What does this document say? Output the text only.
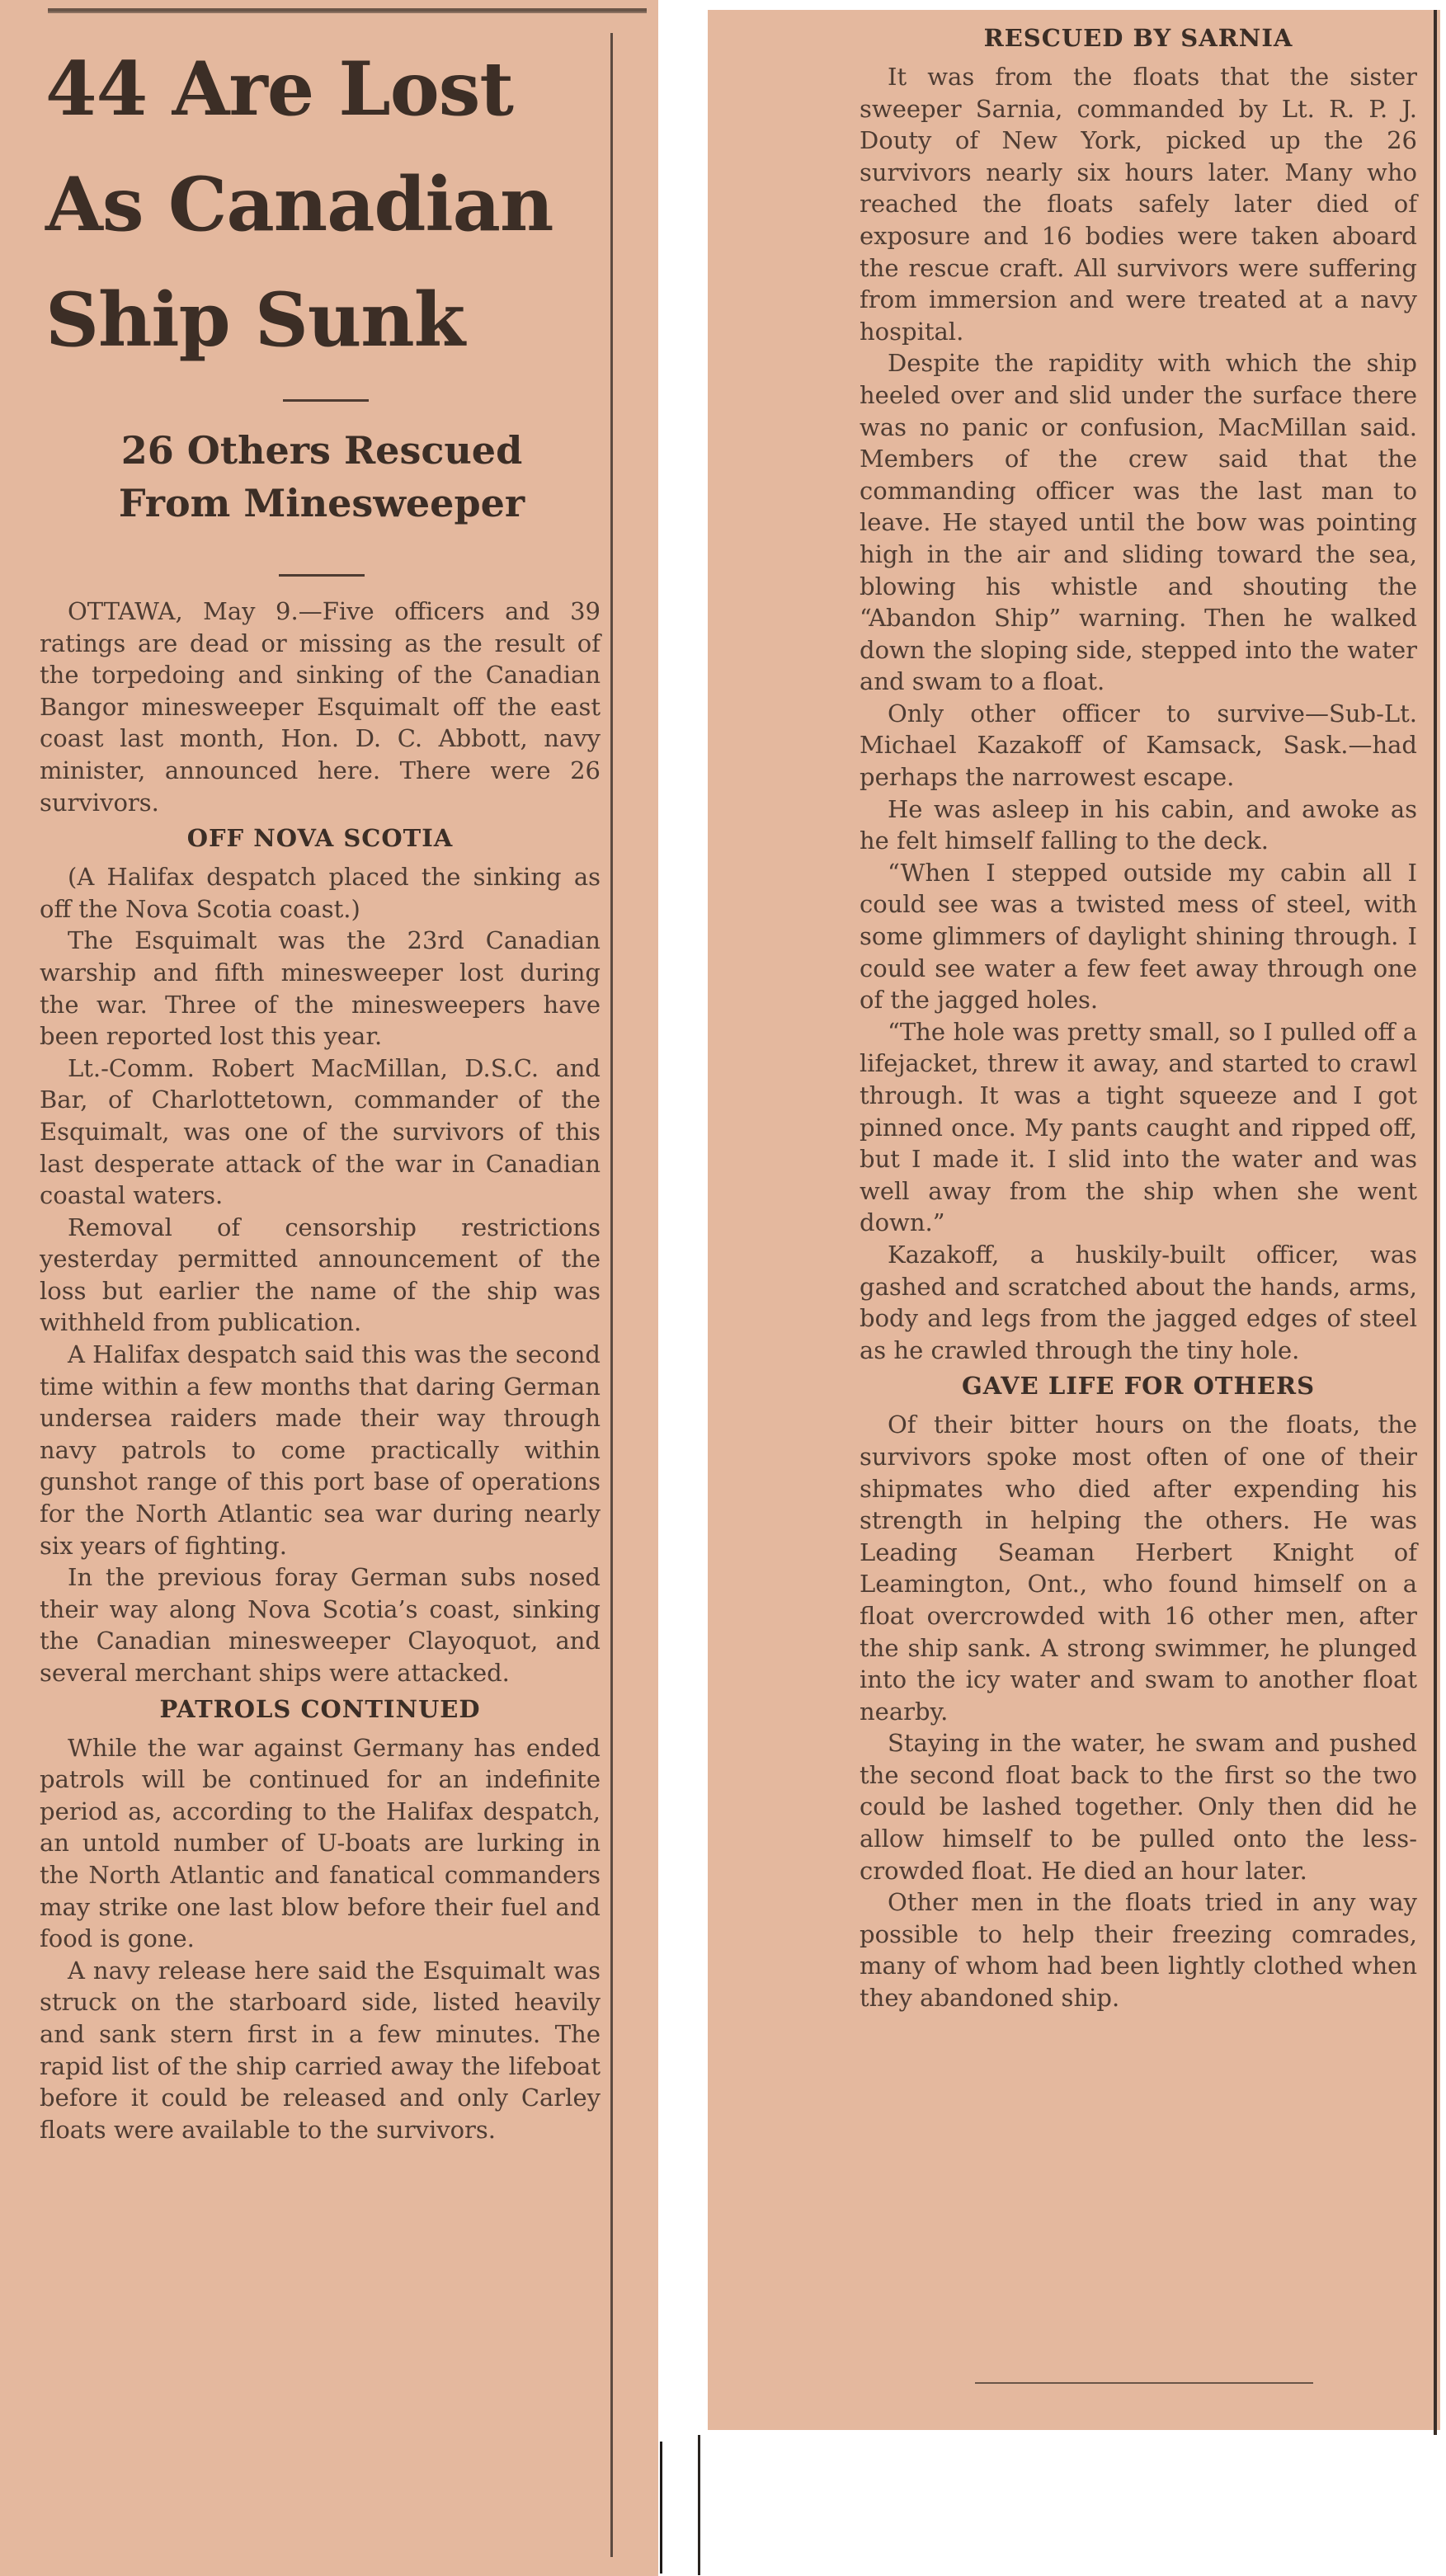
44 Are Lost
As Canadian
Ship Sunk
26 Others Rescued
From Minesweeper

OTTAWA, May 9.—Five officers and 39 ratings are dead or missing as the result of the torpedoing and sinking of the Canadian Bangor minesweeper Esquimalt off the east coast last month, Hon. D. C. Abbott, navy minister, announced here. There were 26 survivors.

OFF NOVA SCOTIA

(A Halifax despatch placed the sinking as off the Nova Scotia coast.)

The Esquimalt was the 23rd Canadian warship and fifth minesweeper lost during the war. Three of the minesweepers have been reported lost this year.

Lt.-Comm. Robert MacMillan, D.S.C. and Bar, of Charlottetown, commander of the Esquimalt, was one of the survivors of this last desperate attack of the war in Canadian coastal waters.

Removal of censorship restrictions yesterday permitted announcement of the loss but earlier the name of the ship was withheld from publication.

A Halifax despatch said this was the second time within a few months that daring German undersea raiders made their way through navy patrols to come practically within gunshot range of this port base of operations for the North Atlantic sea war during nearly six years of fighting.

In the previous foray German subs nosed their way along Nova Scotia’s coast, sinking the Canadian minesweeper Clayoquot, and several merchant ships were attacked.

PATROLS CONTINUED

While the war against Germany has ended patrols will be continued for an indefinite period as, according to the Halifax despatch, an untold number of U-boats are lurking in the North Atlantic and fanatical commanders may strike one last blow before their fuel and food is gone.

A navy release here said the Esquimalt was struck on the starboard side, listed heavily and sank stern first in a few minutes. The rapid list of the ship carried away the lifeboat before it could be released and only Carley floats were available to the survivors.

RESCUED BY SARNIA

It was from the floats that the sister sweeper Sarnia, commanded by Lt. R. P. J. Douty of New York, picked up the 26 survivors nearly six hours later. Many who reached the floats safely later died of exposure and 16 bodies were taken aboard the rescue craft. All survivors were suffering from immersion and were treated at a navy hospital.

Despite the rapidity with which the ship heeled over and slid under the surface there was no panic or confusion, MacMillan said. Members of the crew said that the commanding officer was the last man to leave. He stayed until the bow was pointing high in the air and sliding toward the sea, blowing his whistle and shouting the “Abandon Ship” warning. Then he walked down the sloping side, stepped into the water and swam to a float.

Only other officer to survive—Sub-Lt. Michael Kazakoff of Kamsack, Sask.—had perhaps the narrowest escape.

He was asleep in his cabin, and awoke as he felt himself falling to the deck.

“When I stepped outside my cabin all I could see was a twisted mess of steel, with some glimmers of daylight shining through. I could see water a few feet away through one of the jagged holes.

“The hole was pretty small, so I pulled off a lifejacket, threw it away, and started to crawl through. It was a tight squeeze and I got pinned once. My pants caught and ripped off, but I made it. I slid into the water and was well away from the ship when she went down.”

Kazakoff, a huskily-built officer, was gashed and scratched about the hands, arms, body and legs from the jagged edges of steel as he crawled through the tiny hole.

GAVE LIFE FOR OTHERS

Of their bitter hours on the floats, the survivors spoke most often of one of their shipmates who died after expending his strength in helping the others. He was Leading Seaman Herbert Knight of Leamington, Ont., who found himself on a float overcrowded with 16 other men, after the ship sank. A strong swimmer, he plunged into the icy water and swam to another float nearby.

Staying in the water, he swam and pushed the second float back to the first so the two could be lashed together. Only then did he allow himself to be pulled onto the less-crowded float. He died an hour later.

Other men in the floats tried in any way possible to help their freezing comrades, many of whom had been lightly clothed when they abandoned ship.
